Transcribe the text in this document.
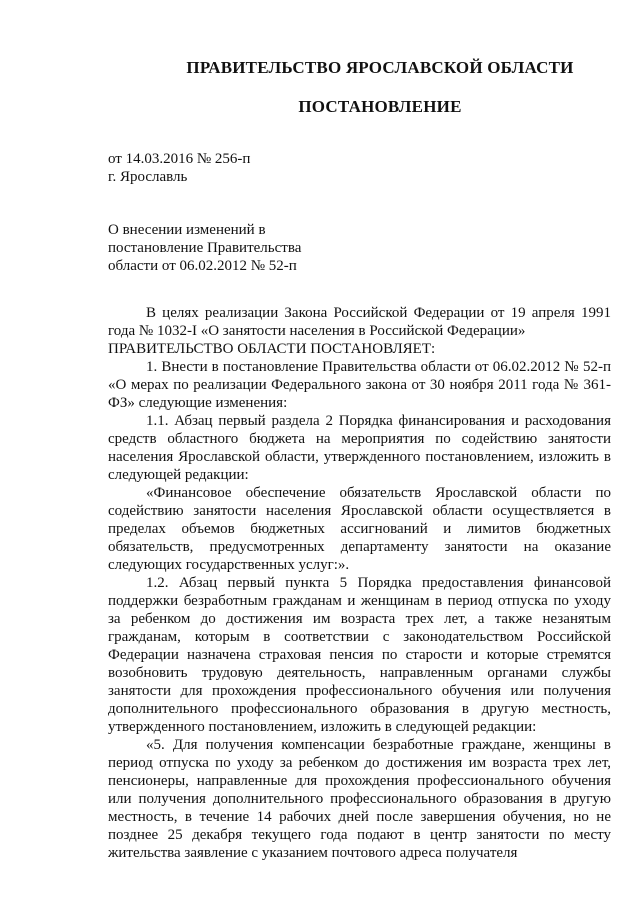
ПРАВИТЕЛЬСТВО ЯРОСЛАВСКОЙ ОБЛАСТИ
ПОСТАНОВЛЕНИЕ

от 14.03.2016 № 256-п

г. Ярославль

О внесении изменений в
постановление Правительства
области от 06.02.2012 № 52-п

В целях реализации Закона Российской Федерации от 19 апреля 1991 года № 1032-I «О занятости населения в Российской Федерации»

ПРАВИТЕЛЬСТВО ОБЛАСТИ ПОСТАНОВЛЯЕТ:

1. Внести в постановление Правительства области от 06.02.2012 № 52-п «О мерах по реализации Федерального закона от 30 ноября 2011 года № 361-ФЗ» следующие изменения:

1.1. Абзац первый раздела 2 Порядка финансирования и расходования средств областного бюджета на мероприятия по содействию занятости населения Ярославской области, утвержденного постановлением, изложить в следующей редакции:

«Финансовое обеспечение обязательств Ярославской области по содействию занятости населения Ярославской области осуществляется в пределах объемов бюджетных ассигнований и лимитов бюджетных обязательств, предусмотренных департаменту занятости на оказание следующих государственных услуг:».

1.2. Абзац первый пункта 5 Порядка предоставления финансовой поддержки безработным гражданам и женщинам в период отпуска по уходу за ребенком до достижения им возраста трех лет, а также незанятым гражданам, которым в соответствии с законодательством Российской Федерации назначена страховая пенсия по старости и которые стремятся возобновить трудовую деятельность, направленным органами службы занятости для прохождения профессионального обучения или получения дополнительного профессионального образования в другую местность, утвержденного постановлением, изложить в следующей редакции:

«5. Для получения компенсации безработные граждане, женщины в период отпуска по уходу за ребенком до достижения им возраста трех лет, пенсионеры, направленные для прохождения профессионального обучения или получения дополнительного профессионального образования в другую местность, в течение 14 рабочих дней после завершения обучения, но не позднее 25 декабря текущего года подают в центр занятости по месту жительства заявление с указанием почтового адреса получателя
